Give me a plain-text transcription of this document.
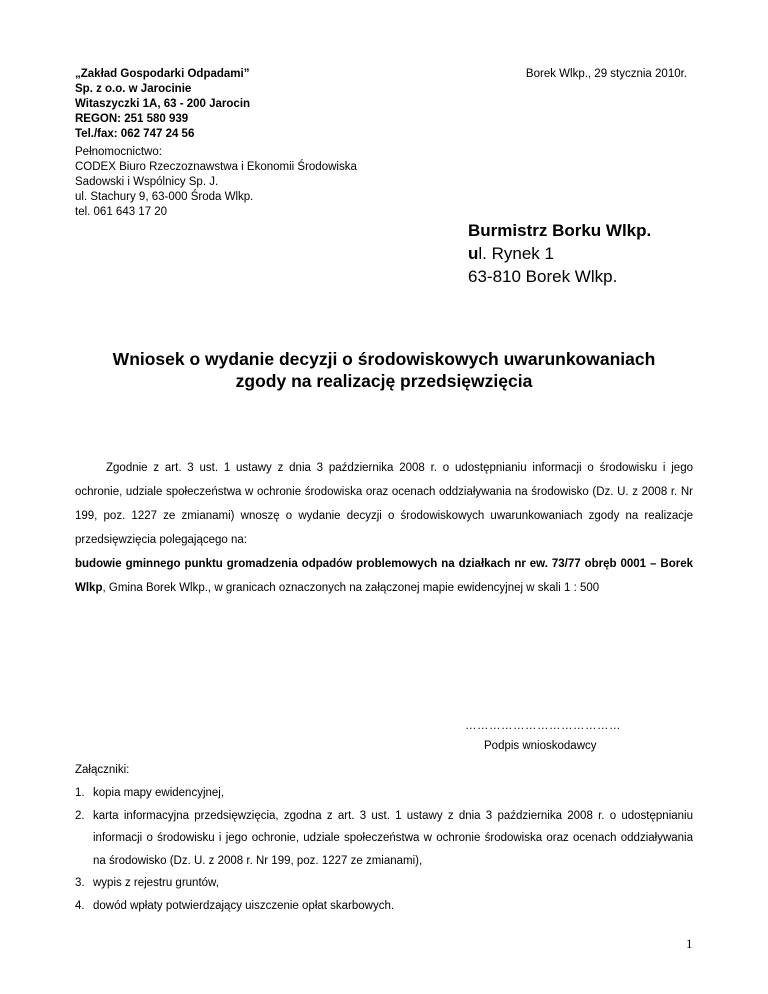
„Zakład Gospodarki Odpadami”
Sp. z o.o. w Jarocinie
Witaszyczki 1A, 63 - 200 Jarocin
REGON: 251 580 939
Tel./fax: 062 747 24 56
Borek Wlkp., 29 stycznia 2010r.
Pełnomocnictwo:
CODEX Biuro Rzeczoznawstwa i Ekonomii Środowiska
Sadowski i Wspólnicy Sp. J.
ul. Stachury 9, 63-000 Środa Wlkp.
tel. 061 643 17 20
Burmistrz Borku Wlkp.
ul. Rynek 1
63-810 Borek Wlkp.
Wniosek o wydanie decyzji o środowiskowych uwarunkowaniach
zgody na realizację przedsięwzięcia

Zgodnie z art. 3 ust. 1 ustawy z dnia 3 października 2008 r. o udostępnianiu informacji o środowisku i jego ochronie, udziale społeczeństwa w ochronie środowiska oraz ocenach oddziaływania na środowisko (Dz. U. z 2008 r. Nr 199, poz. 1227 ze zmianami) wnoszę o wydanie decyzji o środowiskowych uwarunkowaniach zgody na realizacje przedsięwzięcia polegającego na:

budowie gminnego punktu gromadzenia odpadów problemowych na działkach nr ew. 73/77 obręb 0001 – Borek Wlkp, Gmina Borek Wlkp., w granicach oznaczonych na załączonej mapie ewidencyjnej w skali 1 : 500

…………………………………
Podpis wnioskodawcy
Załączniki:
1. kopia mapy ewidencyjnej,
2. karta informacyjna przedsięwzięcia, zgodna z art. 3 ust. 1 ustawy z dnia 3 października 2008 r. o udostępnianiu informacji o środowisku i jego ochronie, udziale społeczeństwa w ochronie środowiska oraz ocenach oddziaływania na środowisko (Dz. U. z 2008 r. Nr 199, poz. 1227 ze zmianami),
3. wypis z rejestru gruntów,
4. dowód wpłaty potwierdzający uiszczenie opłat skarbowych.
1
